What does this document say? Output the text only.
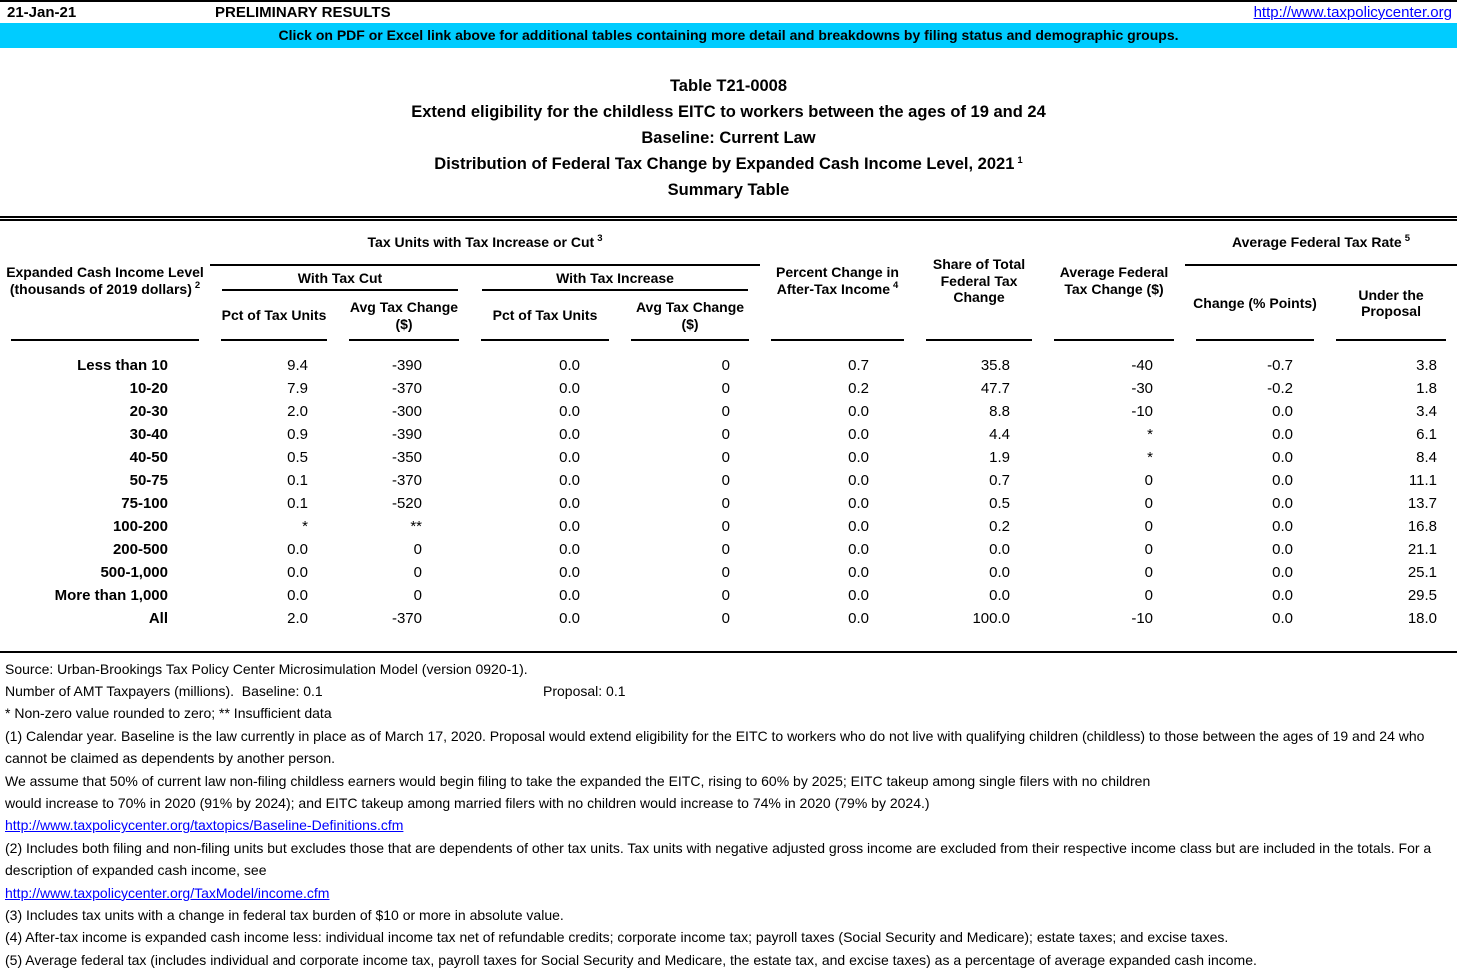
21-Jan-21	PRELIMINARY RESULTS	http://www.taxpolicycenter.org
Click on PDF or Excel link above for additional tables containing more detail and breakdowns by filing status and demographic groups.
Table T21-0008
Extend eligibility for the childless EITC to workers between the ages of 19 and 24
Baseline: Current Law
Distribution of Federal Tax Change by Expanded Cash Income Level, 2021 $^1$
Summary Table
Expanded Cash Income Level (thousands of 2019 dollars) $^2$	Tax Units with Tax Increase or Cut $^3$				Percent Change in After-Tax Income $^4$	Share of Total Federal Tax Change	Average Federal Tax Change ($)	Average Federal Tax Rate $^5$
	With Tax Cut		With Tax Increase					Change (% Points)	Under the Proposal
	Pct of Tax Units	Avg Tax Change ($)	Pct of Tax Units	Avg Tax Change ($)					

Less than 10	9.4	-390	0.0	0	0.7	35.8	-40	-0.7	3.8
10-20	7.9	-370	0.0	0	0.2	47.7	-30	-0.2	1.8
20-30	2.0	-300	0.0	0	0.0	8.8	-10	0.0	3.4
30-40	0.9	-390	0.0	0	0.0	4.4	*	0.0	6.1
40-50	0.5	-350	0.0	0	0.0	1.9	*	0.0	8.4
50-75	0.1	-370	0.0	0	0.0	0.7	0	0.0	11.1
75-100	0.1	-520	0.0	0	0.0	0.5	0	0.0	13.7
100-200	*	**	0.0	0	0.0	0.2	0	0.0	16.8
200-500	0.0	0	0.0	0	0.0	0.0	0	0.0	21.1
500-1,000	0.0	0	0.0	0	0.0	0.0	0	0.0	25.1
More than 1,000	0.0	0	0.0	0	0.0	0.0	0	0.0	29.5
All	2.0	-370	0.0	0	0.0	100.0	-10	0.0	18.0
Source: Urban-Brookings Tax Policy Center Microsimulation Model (version 0920-1).
Number of AMT Taxpayers (millions).  Baseline: 0.1	Proposal: 0.1
* Non-zero value rounded to zero; ** Insufficient data
(1) Calendar year. Baseline is the law currently in place as of March 17, 2020. Proposal would extend eligibility for the EITC to workers who do not live with qualifying children (childless) to those between the ages of 19 and 24 who cannot be claimed as dependents by another person.
We assume that 50% of current law non-filing childless earners would begin filing to take the expanded the EITC, rising to 60% by 2025; EITC takeup among single filers with no children
would increase to 70% in 2020 (91% by 2024); and EITC takeup among married filers with no children would increase to 74% in 2020 (79% by 2024.)
http://www.taxpolicycenter.org/taxtopics/Baseline-Definitions.cfm
(2) Includes both filing and non-filing units but excludes those that are dependents of other tax units. Tax units with negative adjusted gross income are excluded from their respective income class but are included in the totals. For a description of expanded cash income, see
http://www.taxpolicycenter.org/TaxModel/income.cfm
(3) Includes tax units with a change in federal tax burden of $10 or more in absolute value.
(4) After-tax income is expanded cash income less: individual income tax net of refundable credits; corporate income tax; payroll taxes (Social Security and Medicare); estate taxes; and excise taxes.
(5) Average federal tax (includes individual and corporate income tax, payroll taxes for Social Security and Medicare, the estate tax, and excise taxes) as a percentage of average expanded cash income.
